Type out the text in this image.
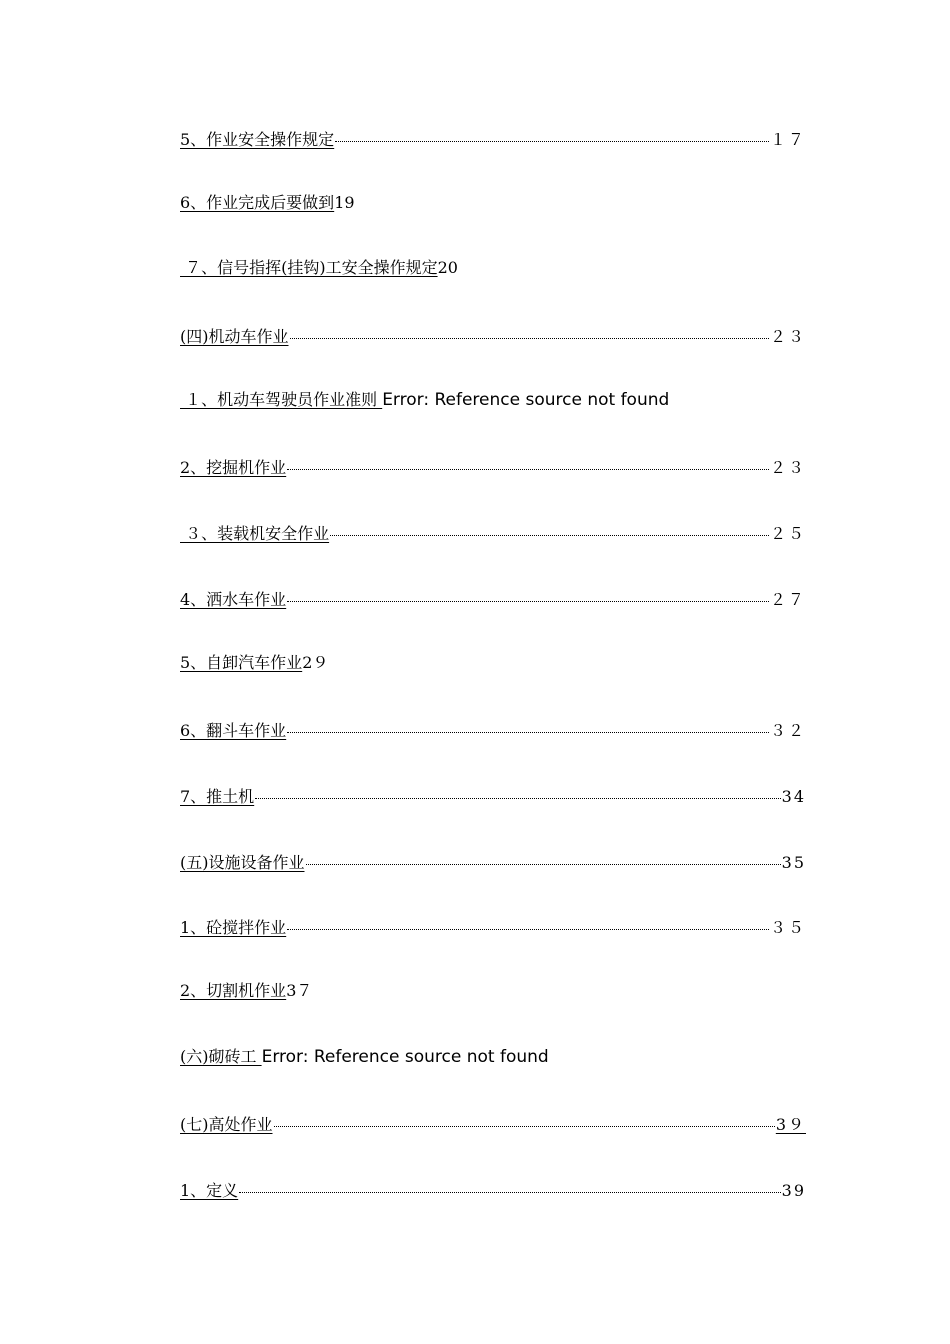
5、作业安全操作规定	１７
6、作业完成后要做到 19
７、信号指挥(挂钩)工安全操作规定 20
(四)机动车作业	２３
１、机动车驾驶员作业准则 Error: Reference source not found
2、挖掘机作业	２３
３、装载机安全作业	２５
4、洒水车作业	２７
5、自卸汽车作业 2９
6、翻斗车作业	３２
7、推土机	34
(五)设施设备作业	35
1、砼搅拌作业	３５
2、切割机作业 3７
(六)砌砖工 Error: Reference source not found
(七)高处作业	3９
1、定义	39
